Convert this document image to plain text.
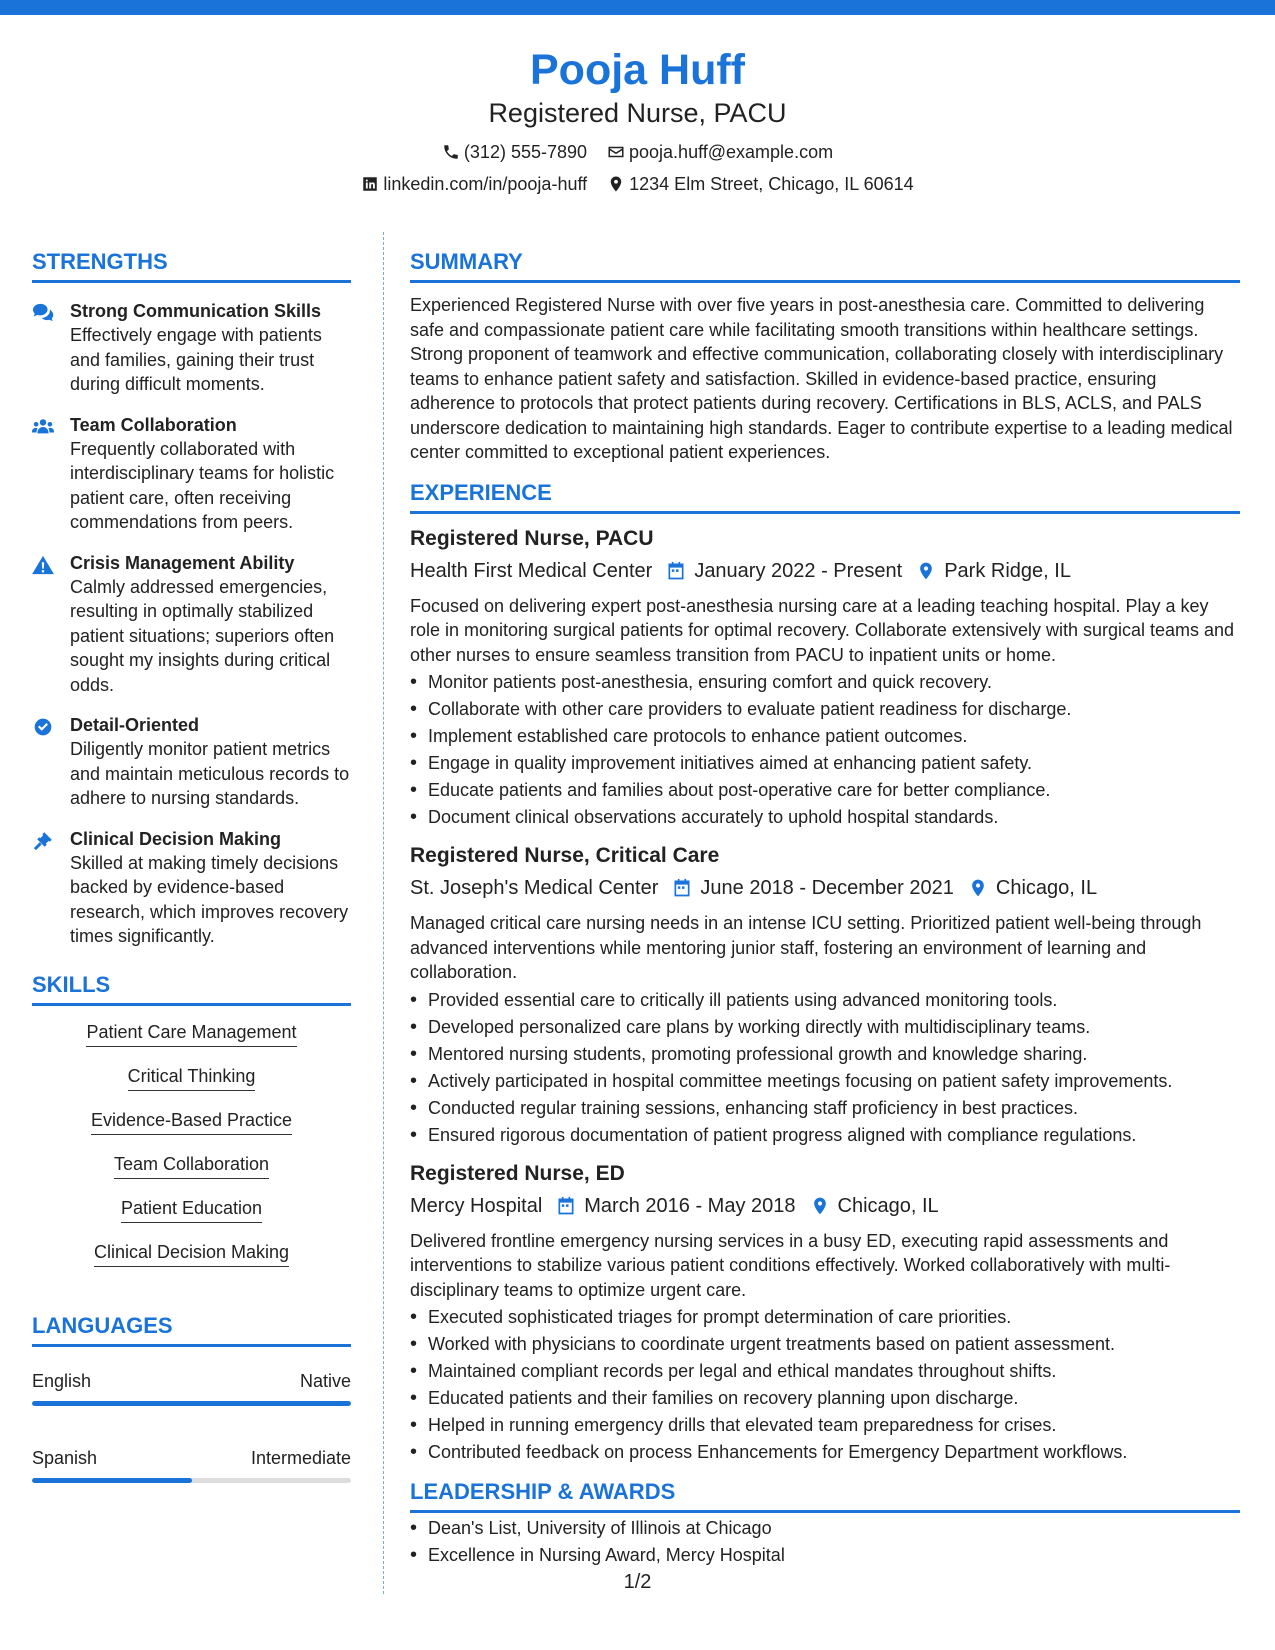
Pooja Huff
Registered Nurse, PACU
(312) 555-7890 pooja.huff@example.com
linkedin.com/in/pooja-huff 1234 Elm Street, Chicago, IL 60614
STRENGTHS
Strong Communication Skills
Effectively engage with patients and families, gaining their trust during difficult moments.
Team Collaboration
Frequently collaborated with interdisciplinary teams for holistic patient care, often receiving commendations from peers.
Crisis Management Ability
Calmly addressed emergencies, resulting in optimally stabilized patient situations; superiors often sought my insights during critical odds.
Detail-Oriented
Diligently monitor patient metrics and maintain meticulous records to adhere to nursing standards.
Clinical Decision Making
Skilled at making timely decisions backed by evidence-based research, which improves recovery times significantly.
SKILLS
Patient Care Management
Critical Thinking
Evidence-Based Practice
Team Collaboration
Patient Education
Clinical Decision Making
LANGUAGES
English	Native
Spanish	Intermediate
SUMMARY
Experienced Registered Nurse with over five years in post-anesthesia care. Committed to delivering safe and compassionate patient care while facilitating smooth transitions within healthcare settings. Strong proponent of teamwork and effective communication, collaborating closely with interdisciplinary teams to enhance patient safety and satisfaction. Skilled in evidence-based practice, ensuring adherence to protocols that protect patients during recovery. Certifications in BLS, ACLS, and PALS underscore dedication to maintaining high standards. Eager to contribute expertise to a leading medical center committed to exceptional patient experiences.
EXPERIENCE
Registered Nurse, PACU
Health First Medical Center January 2022 - Present Park Ridge, IL
Focused on delivering expert post-anesthesia nursing care at a leading teaching hospital. Play a key role in monitoring surgical patients for optimal recovery. Collaborate extensively with surgical teams and other nurses to ensure seamless transition from PACU to inpatient units or home.
• Monitor patients post-anesthesia, ensuring comfort and quick recovery.
• Collaborate with other care providers to evaluate patient readiness for discharge.
• Implement established care protocols to enhance patient outcomes.
• Engage in quality improvement initiatives aimed at enhancing patient safety.
• Educate patients and families about post-operative care for better compliance.
• Document clinical observations accurately to uphold hospital standards.
Registered Nurse, Critical Care
St. Joseph's Medical Center June 2018 - December 2021 Chicago, IL
Managed critical care nursing needs in an intense ICU setting. Prioritized patient well-being through advanced interventions while mentoring junior staff, fostering an environment of learning and collaboration.
• Provided essential care to critically ill patients using advanced monitoring tools.
• Developed personalized care plans by working directly with multidisciplinary teams.
• Mentored nursing students, promoting professional growth and knowledge sharing.
• Actively participated in hospital committee meetings focusing on patient safety improvements.
• Conducted regular training sessions, enhancing staff proficiency in best practices.
• Ensured rigorous documentation of patient progress aligned with compliance regulations.
Registered Nurse, ED
Mercy Hospital March 2016 - May 2018 Chicago, IL
Delivered frontline emergency nursing services in a busy ED, executing rapid assessments and interventions to stabilize various patient conditions effectively. Worked collaboratively with multi-disciplinary teams to optimize urgent care.
• Executed sophisticated triages for prompt determination of care priorities.
• Worked with physicians to coordinate urgent treatments based on patient assessment.
• Maintained compliant records per legal and ethical mandates throughout shifts.
• Educated patients and their families on recovery planning upon discharge.
• Helped in running emergency drills that elevated team preparedness for crises.
• Contributed feedback on process Enhancements for Emergency Department workflows.
LEADERSHIP & AWARDS
• Dean's List, University of Illinois at Chicago
• Excellence in Nursing Award, Mercy Hospital
1/2
